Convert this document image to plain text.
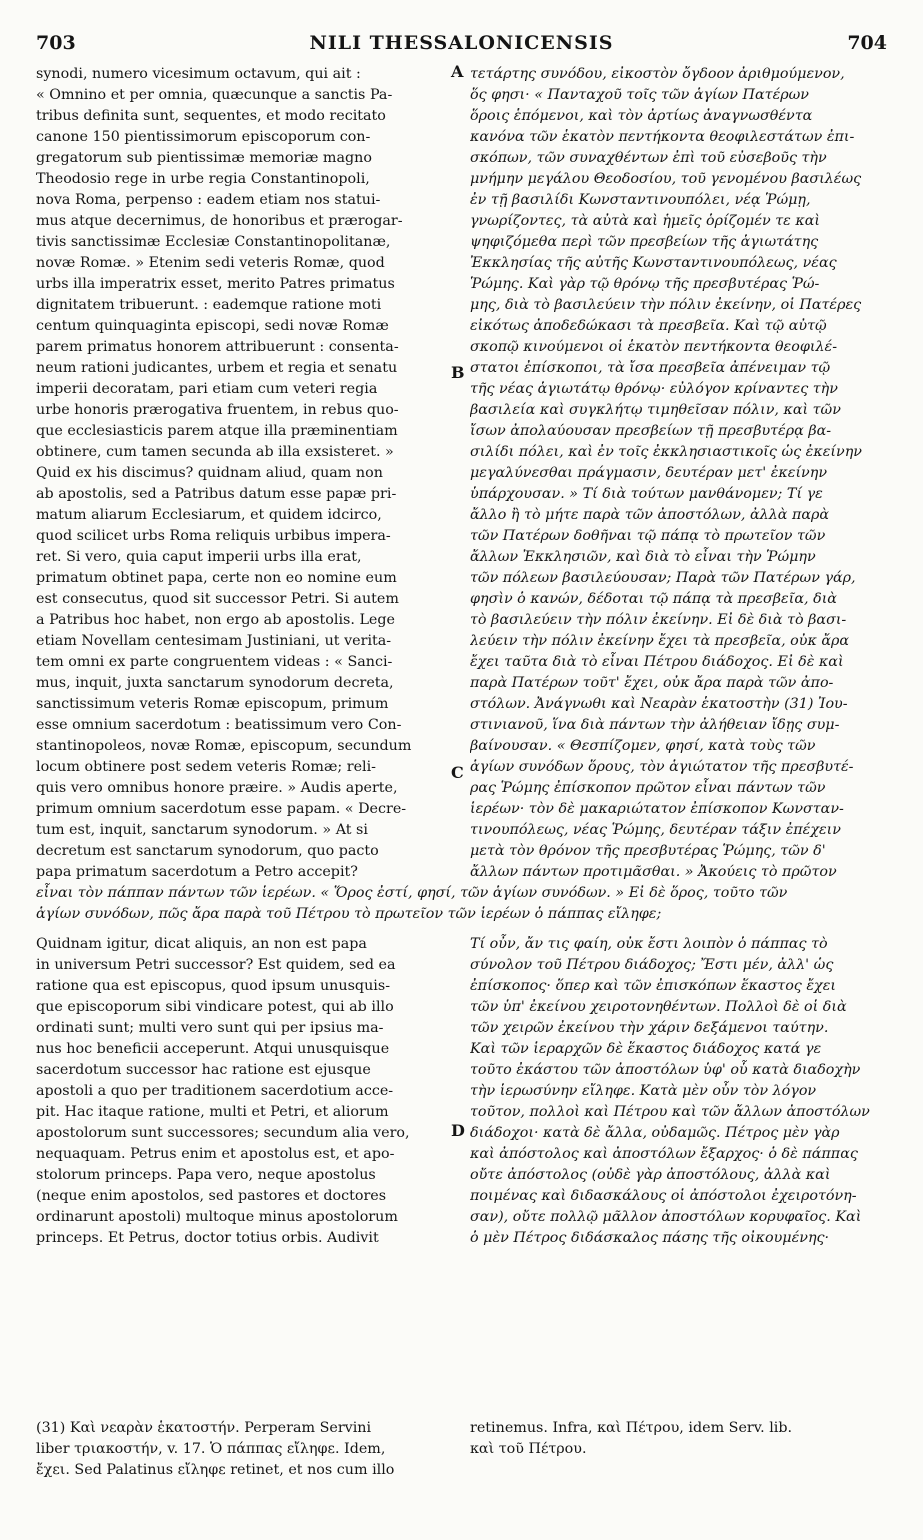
703	NILI THESSALONICENSIS	704
A
B
C
D
synodi, numero vicesimum octavum, qui ait :
« Omnino et per omnia, quæcunque a sanctis Pa-
tribus definita sunt, sequentes, et modo recitato
canone 150 pientissimorum episcoporum con-
gregatorum sub pientissimæ memoriæ magno
Theodosio rege in urbe regia Constantinopoli,
nova Roma, perpenso : eadem etiam nos statui-
mus atque decernimus, de honoribus et prærogar-
tivis sanctissimæ Ecclesiæ Constantinopolitanæ,
novæ Romæ. » Etenim sedi veteris Romæ, quod
urbs illa imperatrix esset, merito Patres primatus
dignitatem tribuerunt. : eademque ratione moti
centum quinquaginta episcopi, sedi novæ Romæ
parem primatus honorem attribuerunt : consenta-
neum rationi judicantes, urbem et regia et senatu
imperii decoratam, pari etiam cum veteri regia
urbe honoris prærogativa fruentem, in rebus quo-
que ecclesiasticis parem atque illa præminentiam
obtinere, cum tamen secunda ab illa exsisteret. »
Quid ex his discimus? quidnam aliud, quam non
ab apostolis, sed a Patribus datum esse papæ pri-
matum aliarum Ecclesiarum, et quidem idcirco,
quod scilicet urbs Roma reliquis urbibus impera-
ret. Si vero, quia caput imperii urbs illa erat,
primatum obtinet papa, certe non eo nomine eum
est consecutus, quod sit successor Petri. Si autem
a Patribus hoc habet, non ergo ab apostolis. Lege
etiam Novellam centesimam Justiniani, ut verita-
tem omni ex parte congruentem videas : « Sanci-
mus, inquit, juxta sanctarum synodorum decreta,
sanctissimum veteris Romæ episcopum, primum
esse omnium sacerdotum : beatissimum vero Con-
stantinopoleos, novæ Romæ, episcopum, secundum
locum obtinere post sedem veteris Romæ; reli-
quis vero omnibus honore præire. » Audis aperte,
primum omnium sacerdotum esse papam. « Decre-
tum est, inquit, sanctarum synodorum. » At si
decretum est sanctarum synodorum, quo pacto
papa primatum sacerdotum a Petro accepit?
τετάρτης συνόδου, εἰκοστὸν ὄγδοον ἀριθμούμενον,
ὅς φησι· « Πανταχοῦ τοῖς τῶν ἁγίων Πατέρων
ὅροις ἑπόμενοι, καὶ τὸν ἀρτίως ἀναγνωσθέντα
κανόνα τῶν ἑκατὸν πεντήκοντα θεοφιλεστάτων ἐπι-
σκόπων, τῶν συναχθέντων ἐπὶ τοῦ εὐσεβοῦς τὴν
μνήμην μεγάλου Θεοδοσίου, τοῦ γενομένου βασιλέως
ἐν τῇ βασιλίδι Κωνσταντινουπόλει, νέᾳ Ῥώμῃ,
γνωρίζοντες, τὰ αὐτὰ καὶ ἡμεῖς ὁρίζομέν τε καὶ
ψηφιζόμεθα περὶ τῶν πρεσβείων τῆς ἁγιωτάτης
Ἐκκλησίας τῆς αὐτῆς Κωνσταντινουπόλεως, νέας
Ῥώμης. Καὶ γὰρ τῷ θρόνῳ τῆς πρεσβυτέρας Ῥώ-
μης, διὰ τὸ βασιλεύειν τὴν πόλιν ἐκείνην, οἱ Πατέρες
εἰκότως ἀποδεδώκασι τὰ πρεσβεῖα. Καὶ τῷ αὐτῷ
σκοπῷ κινούμενοι οἱ ἑκατὸν πεντήκοντα θεοφιλέ-
στατοι ἐπίσκοποι, τὰ ἴσα πρεσβεῖα ἀπένειμαν τῷ
τῆς νέας ἁγιωτάτῳ θρόνῳ· εὐλόγον κρίναντες τὴν
βασιλεία καὶ συγκλήτῳ τιμηθεῖσαν πόλιν, καὶ τῶν
ἴσων ἀπολαύουσαν πρεσβείων τῇ πρεσβυτέρᾳ βα-
σιλίδι πόλει, καὶ ἐν τοῖς ἐκκλησιαστικοῖς ὡς ἐκείνην
μεγαλύνεσθαι πράγμασιν, δευτέραν μετ' ἐκείνην
ὑπάρχουσαν. » Τί διὰ τούτων μανθάνομεν; Τί γε
ἄλλο ἢ τὸ μήτε παρὰ τῶν ἀποστόλων, ἀλλὰ παρὰ
τῶν Πατέρων δοθῆναι τῷ πάπᾳ τὸ πρωτεῖον τῶν
ἄλλων Ἐκκλησιῶν, καὶ διὰ τὸ εἶναι τὴν Ῥώμην
τῶν πόλεων βασιλεύουσαν; Παρὰ τῶν Πατέρων γάρ,
φησὶν ὁ κανών, δέδοται τῷ πάπᾳ τὰ πρεσβεῖα, διὰ
τὸ βασιλεύειν τὴν πόλιν ἐκείνην. Εἰ δὲ διὰ τὸ βασι-
λεύειν τὴν πόλιν ἐκείνην ἔχει τὰ πρεσβεῖα, οὐκ ἄρα
ἔχει ταῦτα διὰ τὸ εἶναι Πέτρου διάδοχος. Εἰ δὲ καὶ
παρὰ Πατέρων τοῦτ' ἔχει, οὐκ ἄρα παρὰ τῶν ἀπο-
στόλων. Ἀνάγνωθι καὶ Νεαρὰν ἑκατοστὴν (31) Ἰου-
στινιανοῦ, ἵνα διὰ πάντων τὴν ἀλήθειαν ἴδῃς συμ-
βαίνουσαν. « Θεσπίζομεν, φησί, κατὰ τοὺς τῶν
ἁγίων συνόδων ὅρους, τὸν ἁγιώτατον τῆς πρεσβυτέ-
ρας Ῥώμης ἐπίσκοπον πρῶτον εἶναι πάντων τῶν
ἱερέων· τὸν δὲ μακαριώτατον ἐπίσκοπον Κωνσταν-
τινουπόλεως, νέας Ῥώμης, δευτέραν τάξιν ἐπέχειν
μετὰ τὸν θρόνον τῆς πρεσβυτέρας Ῥώμης, τῶν δ'
ἄλλων πάντων προτιμᾶσθαι. » Ἀκούεις τὸ πρῶτον
εἶναι τὸν πάππαν πάντων τῶν ἱερέων. « Ὅρος ἐστί, φησί, τῶν ἁγίων συνόδων. » Εἰ δὲ ὅρος, τοῦτο τῶν
ἁγίων συνόδων, πῶς ἄρα παρὰ τοῦ Πέτρου τὸ πρωτεῖον τῶν ἱερέων ὁ πάππας εἴληφε;
Quidnam igitur, dicat aliquis, an non est papa
in universum Petri successor? Est quidem, sed ea
ratione qua est episcopus, quod ipsum unusquis-
que episcoporum sibi vindicare potest, qui ab illo
ordinati sunt; multi vero sunt qui per ipsius ma-
nus hoc beneficii acceperunt. Atqui unusquisque
sacerdotum successor hac ratione est ejusque
apostoli a quo per traditionem sacerdotium acce-
pit. Hac itaque ratione, multi et Petri, et aliorum
apostolorum sunt successores; secundum alia vero,
nequaquam. Petrus enim et apostolus est, et apo-
stolorum princeps. Papa vero, neque apostolus
(neque enim apostolos, sed pastores et doctores
ordinarunt apostoli) multoque minus apostolorum
princeps. Et Petrus, doctor totius orbis. Audivit
Τί οὖν, ἄν τις φαίη, οὐκ ἔστι λοιπὸν ὁ πάππας τὸ
σύνολον τοῦ Πέτρου διάδοχος; Ἔστι μέν, ἀλλ' ὡς
ἐπίσκοπος· ὅπερ καὶ τῶν ἐπισκόπων ἕκαστος ἔχει
τῶν ὑπ' ἐκείνου χειροτονηθέντων. Πολλοὶ δὲ οἱ διὰ
τῶν χειρῶν ἐκείνου τὴν χάριν δεξάμενοι ταύτην.
Καὶ τῶν ἱεραρχῶν δὲ ἕκαστος διάδοχος κατά γε
τοῦτο ἐκάστου τῶν ἀποστόλων ὑφ' οὗ κατὰ διαδοχὴν
τὴν ἱερωσύνην εἴληφε. Κατὰ μὲν οὖν τὸν λόγον
τοῦτον, πολλοὶ καὶ Πέτρου καὶ τῶν ἄλλων ἀποστόλων
διάδοχοι· κατὰ δὲ ἄλλα, οὐδαμῶς. Πέτρος μὲν γὰρ
καὶ ἀπόστολος καὶ ἀποστόλων ἔξαρχος· ὁ δὲ πάππας
οὔτε ἀπόστολος (οὐδὲ γὰρ ἀποστόλους, ἀλλὰ καὶ
ποιμένας καὶ διδασκάλους οἱ ἀπόστολοι ἐχειροτόνη-
σαν), οὔτε πολλῷ μᾶλλον ἀποστόλων κορυφαῖος. Καὶ
ὁ μὲν Πέτρος διδάσκαλος πάσης τῆς οἰκουμένης·
(31) Καὶ νεαρὰν ἑκατοστήν. Perperam Servini
liber τριακοστήν, v. 17. Ὁ πάππας εἴληφε. Idem,
ἔχει. Sed Palatinus εἴληφε retinet, et nos cum illo
retinemus. Infra, καὶ Πέτρου, idem Serv. lib.
καὶ τοῦ Πέτρου.
